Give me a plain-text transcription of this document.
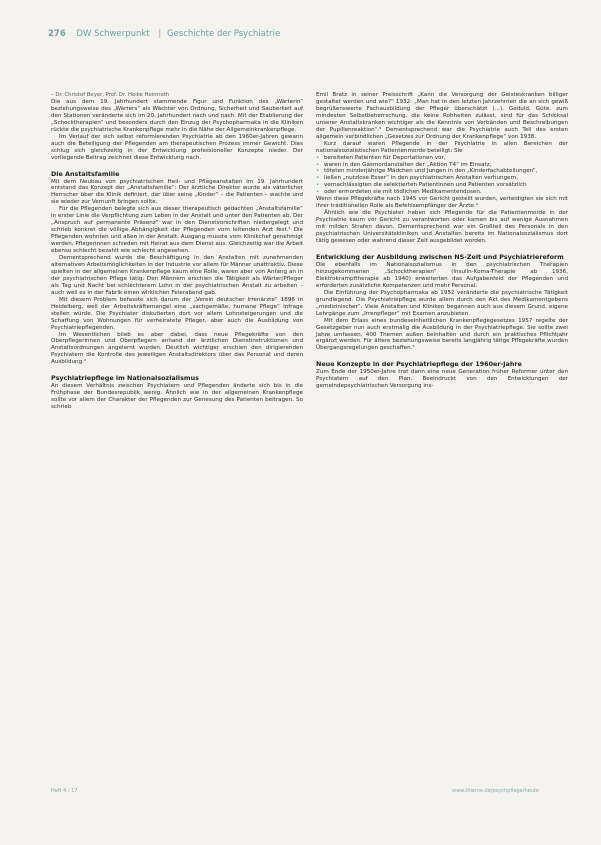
276 DW Schwerpunkt | Geschichte der Psychiatrie

– Dr. Christof Beyer, Prof. Dr. Heike Heimroth

Die aus dem 19. Jahrhundert stammende Figur und Funktion des „Wärterin“ beziehungsweise des „Wärters“ als Wächter von Ordnung, Sicherheit und Sauberkeit auf den Stationen veränderte sich im 20. Jahrhundert nach und nach. Mit der Etablierung der „Schocktherapien“ und besonders durch den Einzug der Psychopharmaka in die Kliniken rückte die psychiatrische Krankenpflege mehr in die Nähe der Allgemeinkrankenpflege.

Im Verlauf der sich selbst reformierenden Psychiatrie ab den 1960er-Jahren gewann auch die Beteiligung der Pflegenden am therapeutischen Prozess immer Gewicht. Dies schlug sich gleichzeitig in der Entwicklung professioneller Konzepte nieder. Der vorliegende Beitrag zeichnet diese Entwicklung nach.

Die Anstaltsfamilie

Mit dem Neubau von psychiatrischen Heil- und Pflegeanstalten im 19. Jahrhundert entstand das Konzept der „Anstaltsfamilie“: Der ärztliche Direktor wurde als väterlicher Herrscher über die Klinik definiert, der über seine „Kinder“ – die Patienten – wachte und sie wieder zur Vernunft bringen sollte.

Für die Pflegenden belegte sich aus dieser therapeutisch gedachten „Anstaltsfamilie“ in erster Linie die Verpflichtung zum Leben in der Anstalt und unter den Patienten ab. Der „Anspruch auf permanente Präsenz“ war in den Dienstvorschriften niedergelegt und schrieb konkret die völlige Abhängigkeit der Pflegenden vom leitenden Arzt fest.¹ Die Pflegenden wohnten und aßen in der Anstalt. Ausgang musste vom Klinikchef genehmigt werden, Pflegerinnen schieden mit Heirat aus dem Dienst aus. Gleichzeitig war die Arbeit ebenso schlecht bezahlt wie schlecht angesehen.

Dementsprechend wurde die Beschäftigung in den Anstalten mit zunehmenden alternativen Arbeitsmöglichkeiten in der Industrie vor allem für Männer unattraktiv. Diese spielten in der allgemeinen Krankenpflege kaum eine Rolle, waren aber von Anfang an in der psychiatrischen Pflege tätig. Den Männern erschien die Tätigkeit als Wärter/Pfleger als Tag und Nacht bei schlechterem Lohn in der psychiatrischen Anstalt zu arbeiten – auch weil es in der Fabrik einen wirklichen Feierabend gab.

Mit diesem Problem befasste sich darum der „Verein deutscher Irrenärzte“ 1896 in Heidelberg, weil der Arbeitskräftemangel eine „sachgemäße, humane Pflege“ infrage stellen würde. Die Psychiater diskutierten dort vor allem Lohnsteigerungen und die Schaffung von Wohnungen für verheiratete Pfleger, aber auch die Ausbildung von Psychiatriepflegenden.

Im Wesentlichen blieb es aber dabei, dass neue Pflegekräfte von den Oberpflegerinnen und Oberpflegern anhand der ärztlichen Dienstinstruktionen und Anstaltsordnungen angelernt wurden. Deutlich wichtiger erschien den dirigierenden Psychiatern die Kontrolle des jeweiligen Anstaltsdirektors über das Personal und deren Ausbildung.²

Psychiatriepflege im Nationalsozialismus

An diesem Verhältnis zwischen Psychiatern und Pflegenden änderte sich bis in die Frühphase der Bundesrepublik wenig. Ähnlich wie in der allgemeinen Krankenpflege sollte vor allem der Charakter der Pflegenden zur Genesung des Patienten beitragen. So schrieb

Emil Bratz in seiner Preisschrift „Kann die Versorgung der Geisteskranken billiger gestaltet werden und wie?“ 1932: „Man hat in den letzten Jahrzehnten die an sich gewiß begrüßenswerte Fachausbildung der Pfleger überschätzt (...). Geduld, Güte, zum mindesten Selbstbeherrschung, die keine Rohheiten zulässt, sind für das Schicksal unserer Anstaltskranken wichtiger als die Kenntnis von Verbänden und Beschreibungen der Pupillenreaktion“.³ Dementsprechend war die Psychiatrie auch Teil des ersten allgemein verbindlichen „Gesetzes zur Ordnung der Krankenpflege“ von 1938.

Kurz darauf waren Pflegende in der Psychiatrie in allen Bereichen der nationalsozialistischen Patientenmorde beteiligt: Sie

• bereiteten Patienten für Deportationen vor,
• waren in den Gasmordanstalten der „Aktion T4“ im Einsatz,
• töteten minderjährige Mädchen und Jungen in den „Kinderfachabteilungen“,
• ließen „nutzlose Esser“ in den psychiatrischen Anstalten verhungern,
• vernachlässigten die selektierten Patientinnen und Patienten vorsätzlich
• oder ermordeten sie mit tödlichen Medikamentendosen.

Wenn diese Pflegekräfte nach 1945 vor Gericht gestellt wurden, verteidigten sie sich mit ihrer traditionellen Rolle als Befehlsempfänger der Ärzte.⁴

Ähnlich wie die Psychiater haben sich Pflegende für die Patientenmorde in der Psychiatrie kaum vor Gericht zu verantworten oder kamen bis auf wenige Ausnahmen mit milden Strafen davon. Dementsprechend war ein Großteil des Personals in den psychiatrischen Universitätskliniken und Anstalten bereits im Nationalsozialismus dort tätig gewesen oder wahrend dieser Zeit ausgebildet worden.

Entwicklung der Ausbildung zwischen NS-Zeit und Psychiatriereform

Die ebenfalls im Nationalsozialismus in den psychiatrischen Therapien hinzugekommenen „Schocktherapien“ (Insulin-Koma-Therapie ab 1936, Elektrokrampftherapie ab 1940) erweiterten das Aufgabenfeld der Pflegenden und erforderten zusätzliche Kompetenzen und mehr Personal.

Die Einführung der Psychopharmaka ab 1952 veränderte die psychiatrische Tätigkeit grundlegend. Die Psychiatriepflege wurde allem durch den Akt des Medikamentgebens „medizinischer“. Viele Anstalten und Kliniken begannen auch aus diesem Grund, eigene Lehrgänge zum „Irrenpfleger“ mit Examen anzubieten.

Mit dem Erlass eines bundeseinheitlichen Krankenpflegegesetzes 1957 regelte der Gesetzgeber nun auch erstmalig die Ausbildung in der Psychiatriepflege. Sie sollte zwei Jahre umfassen, 400 Themen außen beinhalten und durch ein praktisches Pflichtjahr ergänzt werden. Für ältere beziehungsweise bereits langjährig tätige Pflegekräfte wurden Übergangsregelungen geschaffen.⁵

Neue Konzepte in der Psychiatriepflege der 1960er-Jahre

Zum Ende der 1950er-Jahre trat dann eine neue Generation früher Reformer unter den Psychiatern auf den Plan. Beeindruckt von den Entwicklungen der gemeindepsychiatrischen Versorgung ins-

Heft 4 / 17	www.thieme.de/psychpflege/heute
